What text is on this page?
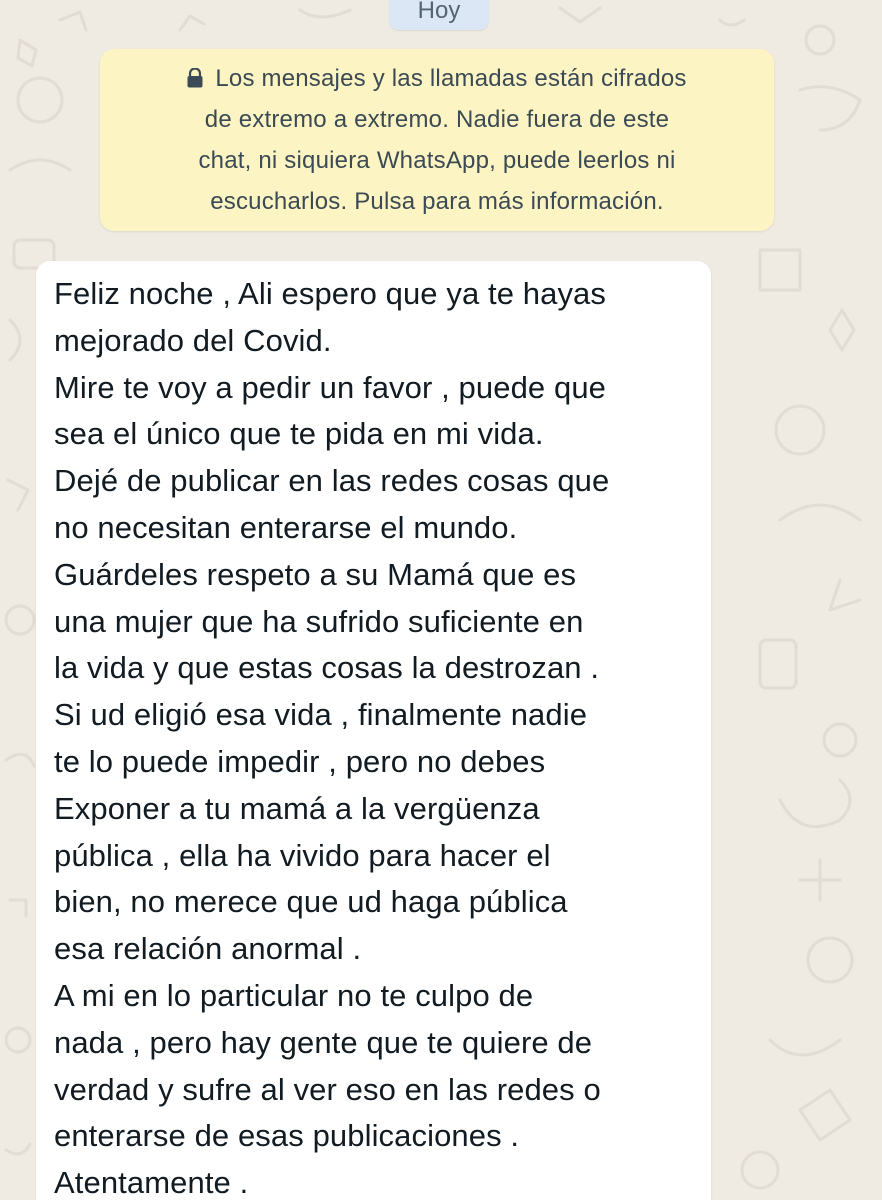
Hoy
Los mensajes y las llamadas están cifrados
de extremo a extremo. Nadie fuera de este
chat, ni siquiera WhatsApp, puede leerlos ni
escucharlos. Pulsa para más información.
Feliz noche , Ali espero que ya te hayas
mejorado del Covid.
Mire te voy a pedir un favor , puede que
sea el único que te pida en mi vida.
Dejé de publicar en las redes cosas que
no necesitan enterarse el mundo.
Guárdeles respeto a su Mamá que es
una mujer que ha sufrido suficiente en
la vida y que estas cosas la destrozan .
Si ud eligió esa vida , finalmente nadie
te lo puede impedir , pero no debes
Exponer a tu mamá a la vergüenza
pública , ella ha vivido para hacer el
bien, no merece que ud haga pública
esa relación anormal .
A mi en lo particular no te culpo de
nada , pero hay gente que te quiere de
verdad y sufre al ver eso en las redes o
enterarse de esas publicaciones .
Atentamente .
